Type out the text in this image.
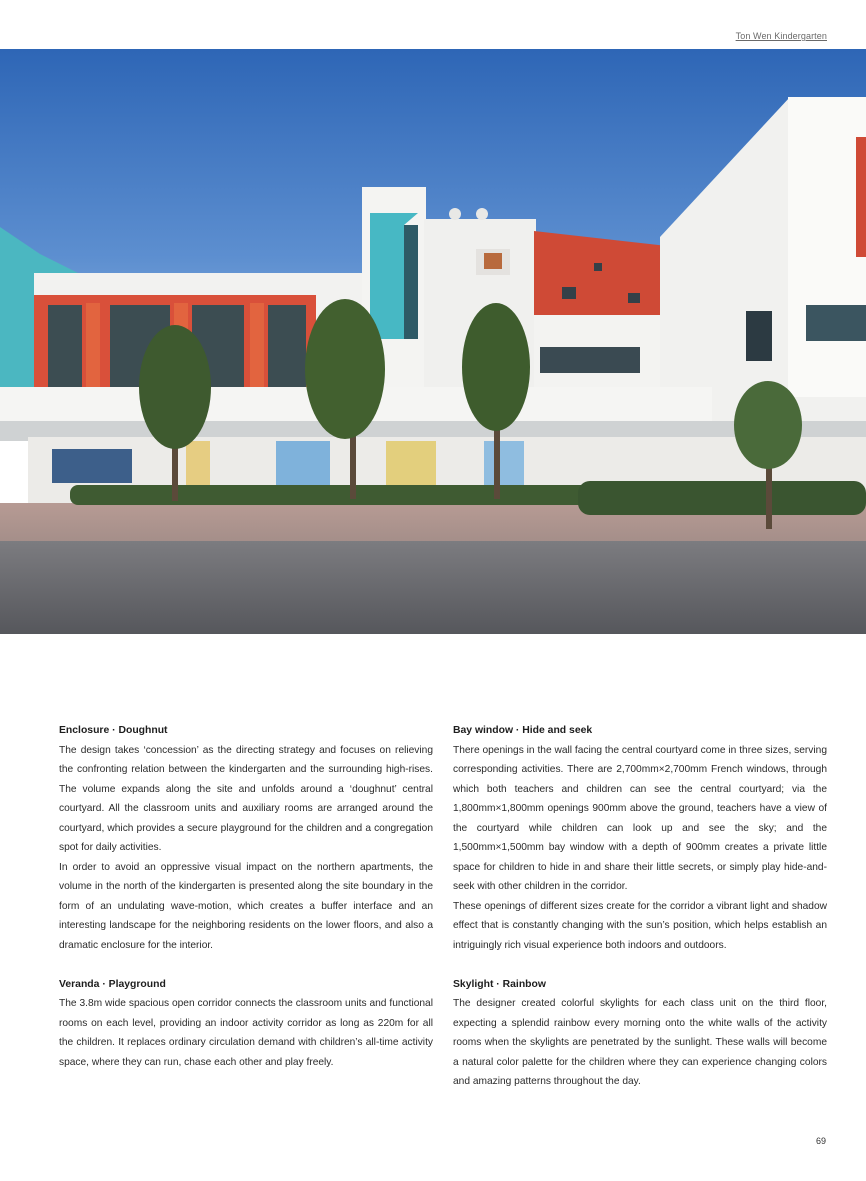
Ton Wen Kindergarten
Enclosure · Doughnut

The design takes ‘concession’ as the directing strategy and focuses on relieving the confronting relation between the kindergarten and the surrounding high-rises. The volume expands along the site and unfolds around a ‘doughnut’ central courtyard. All the classroom units and auxiliary rooms are arranged around the courtyard, which provides a secure playground for the children and a congregation spot for daily activities.

In order to avoid an oppressive visual impact on the northern apartments, the volume in the north of the kindergarten is presented along the site boundary in the form of an undulating wave-motion, which creates a buffer interface and an interesting landscape for the neighboring residents on the lower floors, and also a dramatic enclosure for the interior.

Veranda · Playground

The 3.8m wide spacious open corridor connects the classroom units and functional rooms on each level, providing an indoor activity corridor as long as 220m for all the children. It replaces ordinary circulation demand with children’s all-time activity space, where they can run, chase each other and play freely.

Bay window · Hide and seek

There openings in the wall facing the central courtyard come in three sizes, serving corresponding activities. There are 2,700mm×2,700mm French windows, through which both teachers and children can see the central courtyard; via the 1,800mm×1,800mm openings 900mm above the ground, teachers have a view of the courtyard while children can look up and see the sky; and the 1,500mm×1,500mm bay window with a depth of 900mm creates a private little space for children to hide in and share their little secrets, or simply play hide-and-seek with other children in the corridor.

These openings of different sizes create for the corridor a vibrant light and shadow effect that is constantly changing with the sun’s position, which helps establish an intriguingly rich visual experience both indoors and outdoors.

Skylight · Rainbow

The designer created colorful skylights for each class unit on the third floor, expecting a splendid rainbow every morning onto the white walls of the activity rooms when the skylights are penetrated by the sunlight. These walls will become a natural color palette for the children where they can experience changing colors and amazing patterns throughout the day.

69
